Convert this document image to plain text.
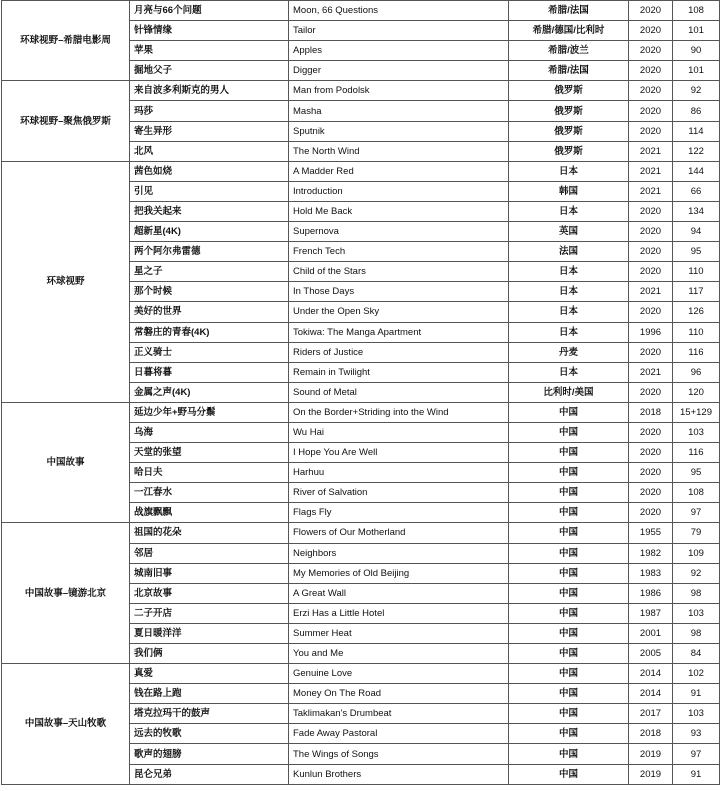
环球视野–希腊电影周	月亮与66个问题	Moon, 66 Questions	希腊/法国	2020	108
	针锋情缘	Tailor	希腊/德国/比利时	2020	101
	苹果	Apples	希腊/波兰	2020	90
	掘地父子	Digger	希腊/法国	2020	101
环球视野–聚焦俄罗斯	来自波多利斯克的男人	Man from Podolsk	俄罗斯	2020	92
	玛莎	Masha	俄罗斯	2020	86
	寄生异形	Sputnik	俄罗斯	2020	114
	北风	The North Wind	俄罗斯	2021	122
环球视野	茜色如烧	A Madder Red	日本	2021	144
	引见	Introduction	韩国	2021	66
	把我关起来	Hold Me Back	日本	2020	134
	超新星(4K)	Supernova	英国	2020	94
	两个阿尔弗雷德	French Tech	法国	2020	95
	星之子	Child of the Stars	日本	2020	110
	那个时候	In Those Days	日本	2021	117
	美好的世界	Under the Open Sky	日本	2020	126
	常磐庄的青春(4K)	Tokiwa: The Manga Apartment	日本	1996	110
	正义骑士	Riders of Justice	丹麦	2020	116
	日暮将暮	Remain in Twilight	日本	2021	96
	金属之声(4K)	Sound of Metal	比利时/美国	2020	120
中国故事	延边少年+野马分鬃	On the Border+Striding into the Wind	中国	2018	15+129
	乌海	Wu Hai	中国	2020	103
	天堂的张望	I Hope You Are Well	中国	2020	116
	哈日夫	Harhuu	中国	2020	95
	一江春水	River of Salvation	中国	2020	108
	战旗飘飘	Flags Fly	中国	2020	97
中国故事–镜游北京	祖国的花朵	Flowers of Our Motherland	中国	1955	79
	邻居	Neighbors	中国	1982	109
	城南旧事	My Memories of Old Beijing	中国	1983	92
	北京故事	A Great Wall	中国	1986	98
	二子开店	Erzi Has a Little Hotel	中国	1987	103
	夏日暖洋洋	Summer Heat	中国	2001	98
	我们俩	You and Me	中国	2005	84
中国故事–天山牧歌	真爱	Genuine Love	中国	2014	102
	钱在路上跑	Money On The Road	中国	2014	91
	塔克拉玛干的鼓声	Taklimakan's Drumbeat	中国	2017	103
	远去的牧歌	Fade Away Pastoral	中国	2018	93
	歌声的翅膀	The Wings of Songs	中国	2019	97
	昆仑兄弟	Kunlun Brothers	中国	2019	91
